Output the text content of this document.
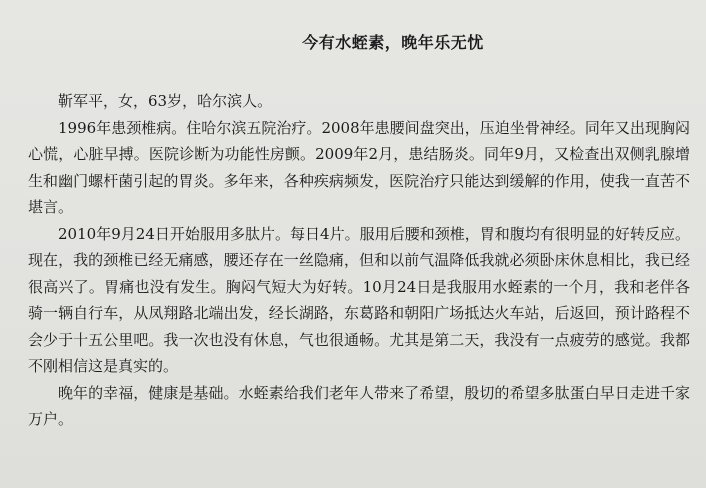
今有水蛭素，晚年乐无忧

靳军平，女，63岁，哈尔滨人。

1996年患颈椎病。住哈尔滨五院治疗。2008年患腰间盘突出，压迫坐骨神经。同年又出现胸闷心慌，心脏早搏。医院诊断为功能性房颤。2009年2月，患结肠炎。同年9月，又检查出双侧乳腺增生和幽门螺杆菌引起的胃炎。多年来，各种疾病频发，医院治疗只能达到缓解的作用，使我一直苦不堪言。

2010年9月24日开始服用多肽片。每日4片。服用后腰和颈椎，胃和腹均有很明显的好转反应。现在，我的颈椎已经无痛感，腰还存在一丝隐痛，但和以前气温降低我就必须卧床休息相比，我已经很高兴了。胃痛也没有发生。胸闷气短大为好转。10月24日是我服用水蛭素的一个月，我和老伴各骑一辆自行车，从凤翔路北端出发，经长湖路，东葛路和朝阳广场抵达火车站，后返回，预计路程不会少于十五公里吧。我一次也没有休息，气也很通畅。尤其是第二天，我没有一点疲劳的感觉。我都不刚相信这是真实的。

晚年的幸福，健康是基础。水蛭素给我们老年人带来了希望，殷切的希望多肽蛋白早日走进千家万户。
